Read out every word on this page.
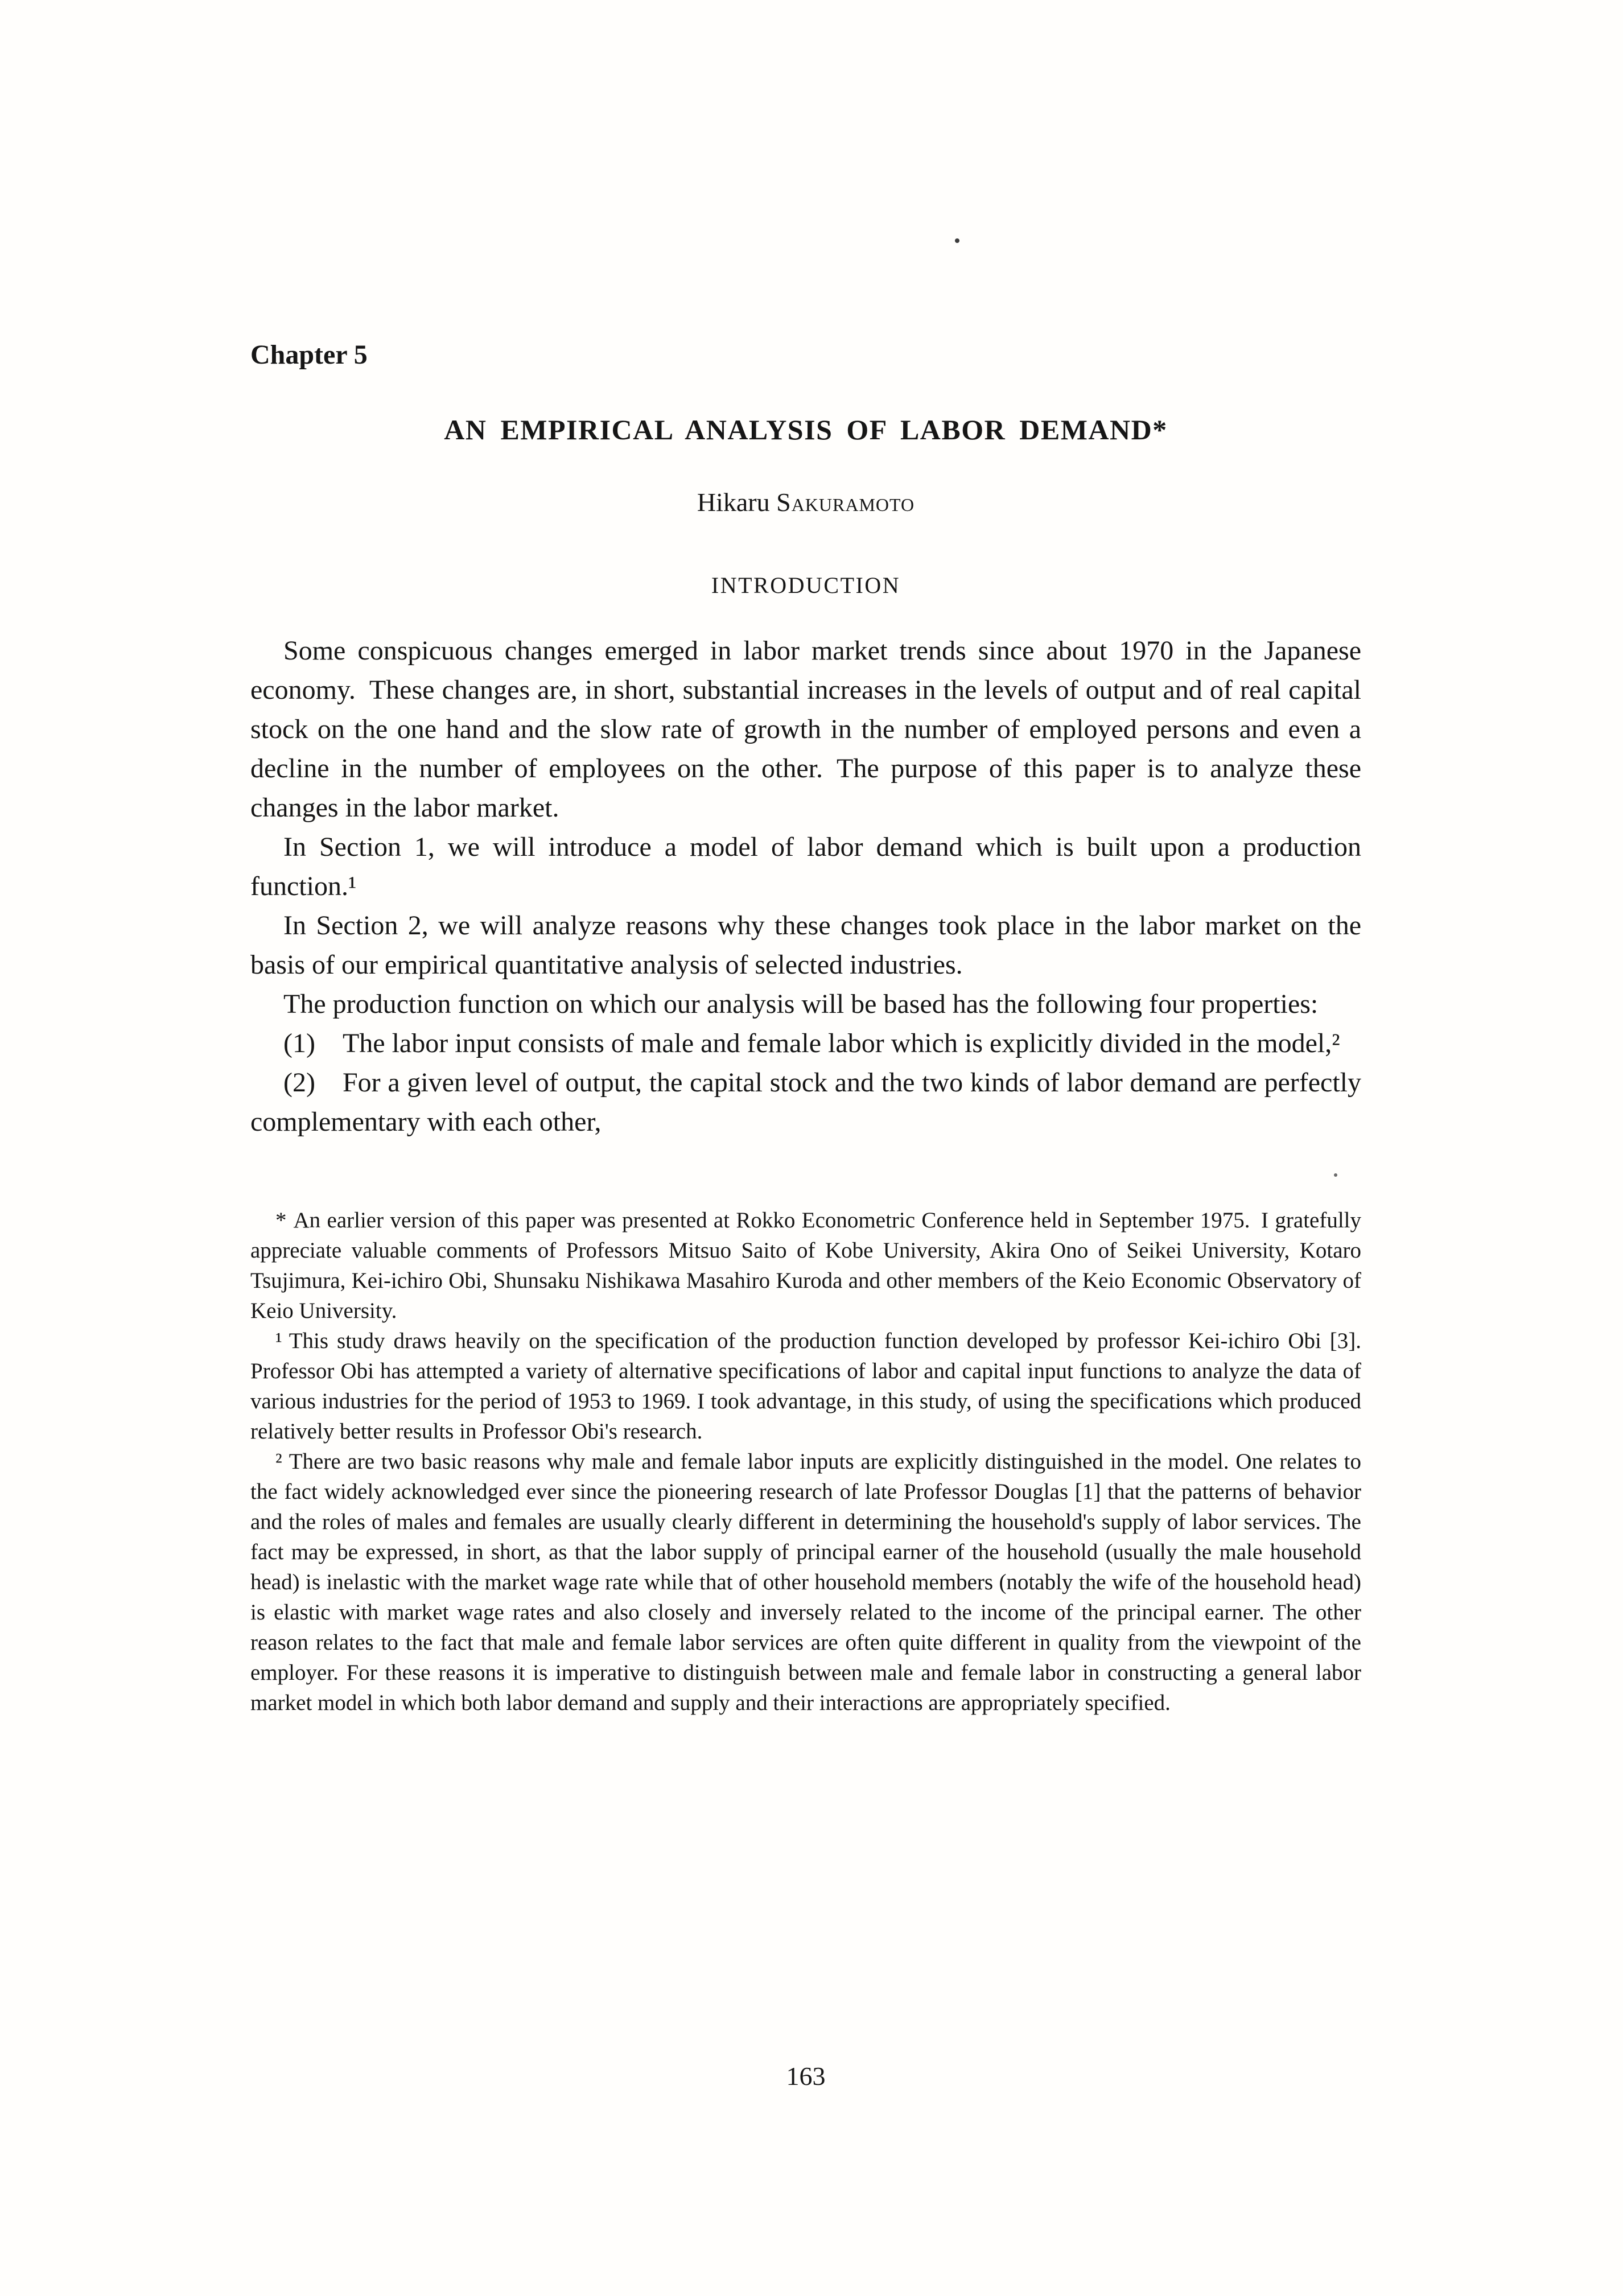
Chapter 5
AN EMPIRICAL ANALYSIS OF LABOR DEMAND*
Hikaru Sakuramoto
INTRODUCTION

Some conspicuous changes emerged in labor market trends since about 1970 in the Japanese economy. These changes are, in short, substantial increases in the levels of output and of real capital stock on the one hand and the slow rate of growth in the number of employed persons and even a decline in the number of employees on the other. The purpose of this paper is to analyze these changes in the labor market.

In Section 1, we will introduce a model of labor demand which is built upon a production function.¹

In Section 2, we will analyze reasons why these changes took place in the labor market on the basis of our empirical quantitative analysis of selected industries.

The production function on which our analysis will be based has the following four properties:

(1) The labor input consists of male and female labor which is explicitly divided in the model,²

(2) For a given level of output, the capital stock and the two kinds of labor demand are perfectly complementary with each other,

* An earlier version of this paper was presented at Rokko Econometric Conference held in September 1975. I gratefully appreciate valuable comments of Professors Mitsuo Saito of Kobe University, Akira Ono of Seikei University, Kotaro Tsujimura, Kei-ichiro Obi, Shunsaku Nishikawa Masahiro Kuroda and other members of the Keio Economic Observatory of Keio University.

¹ This study draws heavily on the specification of the production function developed by professor Kei-ichiro Obi [3]. Professor Obi has attempted a variety of alternative specifications of labor and capital input functions to analyze the data of various industries for the period of 1953 to 1969. I took advantage, in this study, of using the specifications which produced relatively better results in Professor Obi's research.

² There are two basic reasons why male and female labor inputs are explicitly distinguished in the model. One relates to the fact widely acknowledged ever since the pioneering research of late Professor Douglas [1] that the patterns of behavior and the roles of males and females are usually clearly different in determining the household's supply of labor services. The fact may be expressed, in short, as that the labor supply of principal earner of the household (usually the male household head) is inelastic with the market wage rate while that of other household members (notably the wife of the household head) is elastic with market wage rates and also closely and inversely related to the income of the principal earner. The other reason relates to the fact that male and female labor services are often quite different in quality from the viewpoint of the employer. For these reasons it is imperative to distinguish between male and female labor in constructing a general labor market model in which both labor demand and supply and their interactions are appropriately specified.

163
